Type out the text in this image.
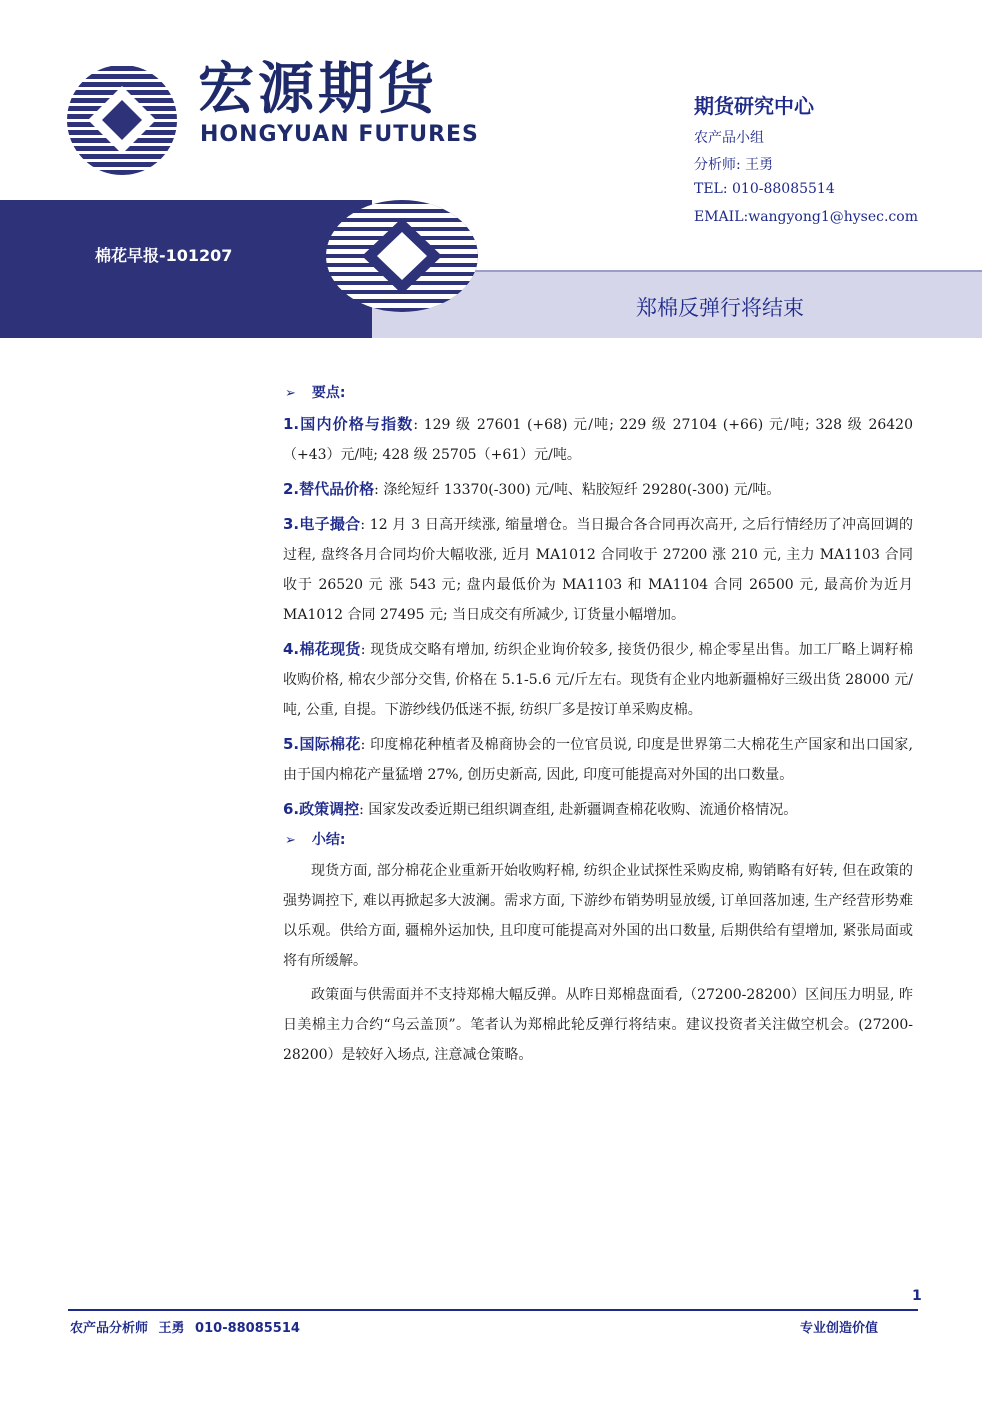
宏源期货
HONGYUAN FUTURES
期货研究中心
农产品小组
分析师: 王勇
TEL: 010-88085514
EMAIL:wangyong1@hysec.com
棉花早报-101207
郑棉反弹行将结束

➢ 要点:

1.国内价格与指数: 129 级 27601 (+68) 元/吨; 229 级 27104 (+66) 元/吨; 328 级 26420 （+43）元/吨; 428 级 25705（+61）元/吨。

2.替代品价格: 涤纶短纤 13370(-300) 元/吨、粘胶短纤 29280(-300) 元/吨。

3.电子撮合: 12 月 3 日高开续涨, 缩量增仓。当日撮合各合同再次高开, 之后行情经历了冲高回调的过程, 盘终各月合同均价大幅收涨, 近月 MA1012 合同收于 27200 涨 210 元, 主力 MA1103 合同收于 26520 元 涨 543 元; 盘内最低价为 MA1103 和 MA1104 合同 26500 元, 最高价为近月 MA1012 合同 27495 元; 当日成交有所减少, 订货量小幅增加。

4.棉花现货: 现货成交略有增加, 纺织企业询价较多, 接货仍很少, 棉企零星出售。加工厂略上调籽棉收购价格, 棉农少部分交售, 价格在 5.1-5.6 元/斤左右。现货有企业内地新疆棉好三级出货 28000 元/吨, 公重, 自提。下游纱线仍低迷不振, 纺织厂多是按订单采购皮棉。

5.国际棉花: 印度棉花种植者及棉商协会的一位官员说, 印度是世界第二大棉花生产国家和出口国家, 由于国内棉花产量猛增 27%, 创历史新高, 因此, 印度可能提高对外国的出口数量。

6.政策调控: 国家发改委近期已组织调查组, 赴新疆调查棉花收购、流通价格情况。

➢ 小结:

现货方面, 部分棉花企业重新开始收购籽棉, 纺织企业试探性采购皮棉, 购销略有好转, 但在政策的强势调控下, 难以再掀起多大波澜。需求方面, 下游纱布销势明显放缓, 订单回落加速, 生产经营形势难以乐观。供给方面, 疆棉外运加快, 且印度可能提高对外国的出口数量, 后期供给有望增加, 紧张局面或将有所缓解。

政策面与供需面并不支持郑棉大幅反弹。从昨日郑棉盘面看,（27200-28200）区间压力明显, 昨日美棉主力合约“乌云盖顶”。笔者认为郑棉此轮反弹行将结束。建议投资者关注做空机会。(27200-28200）是较好入场点, 注意减仓策略。

1
农产品分析师 王勇 010-88085514	专业创造价值
